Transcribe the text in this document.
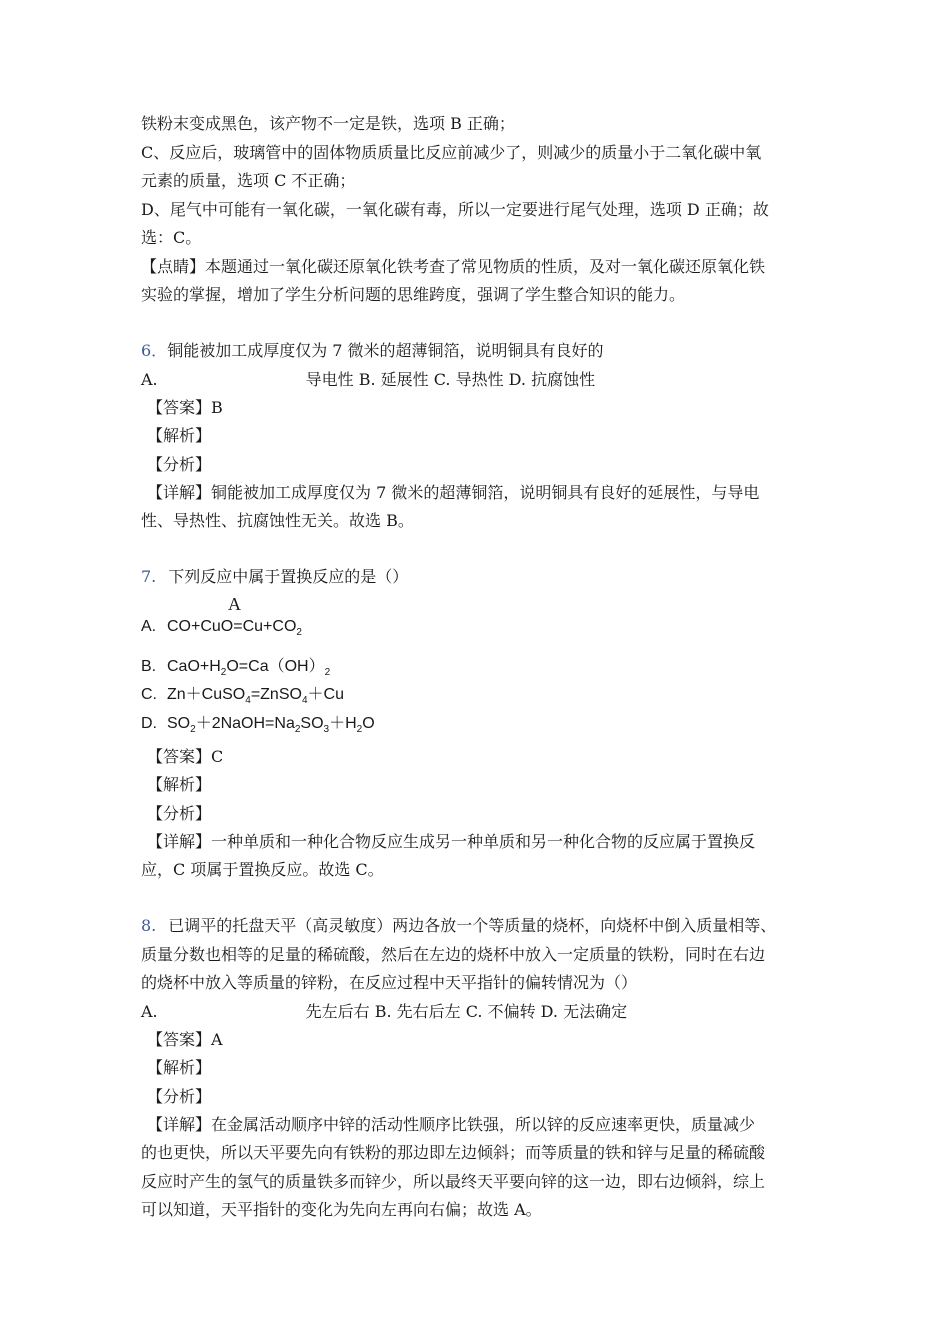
铁粉末变成黑色，该产物不一定是铁，选项 B 正确；
C、反应后，玻璃管中的固体物质质量比反应前减少了，则减少的质量小于二氧化碳中氧
元素的质量，选项 C 不正确；
D、尾气中可能有一氧化碳，一氧化碳有毒，所以一定要进行尾气处理，选项 D 正确；故
选：C。
【点睛】本题通过一氧化碳还原氧化铁考查了常见物质的性质，及对一氧化碳还原氧化铁
实验的掌握，增加了学生分析问题的思维跨度，强调了学生整合知识的能力。
6．铜能被加工成厚度仅为 7 微米的超薄铜箔，说明铜具有良好的
A.	导电性 B. 延展性 C. 导热性 D. 抗腐蚀性
【答案】B
【解析】
【分析】
【详解】铜能被加工成厚度仅为 7 微米的超薄铜箔，说明铜具有良好的延展性，与导电
性、导热性、抗腐蚀性无关。故选 B。
7. 下列反应中属于置换反应的是（）
A
A. $CO+CuO=Cu+CO_2$
B. $CaO+H_2O=Ca(OH)_2$
C. Zn＋CuSO$_4$=ZnSO$_4$＋Cu
D. $SO_2+2NaOH=Na_2SO_3+H_2O$
【答案】C
【解析】
【分析】
【详解】一种单质和一种化合物反应生成另一种单质和另一种化合物的反应属于置换反
应，C 项属于置换反应。故选 C。
8. 已调平的托盘天平（高灵敏度）两边各放一个等质量的烧杯，向烧杯中倒入质量相等、
质量分数也相等的足量的稀硫酸，然后在左边的烧杯中放入一定质量的铁粉，同时在右边
的烧杯中放入等质量的锌粉，在反应过程中天平指针的偏转情况为（）
A.	先左后右 B. 先右后左 C. 不偏转 D. 无法确定
【答案】A
【解析】
【分析】
【详解】在金属活动顺序中锌的活动性顺序比铁强，所以锌的反应速率更快，质量减少
的也更快，所以天平要先向有铁粉的那边即左边倾斜；而等质量的铁和锌与足量的稀硫酸
反应时产生的氢气的质量铁多而锌少，所以最终天平要向锌的这一边，即右边倾斜，综上
可以知道，天平指针的变化为先向左再向右偏；故选 A。
